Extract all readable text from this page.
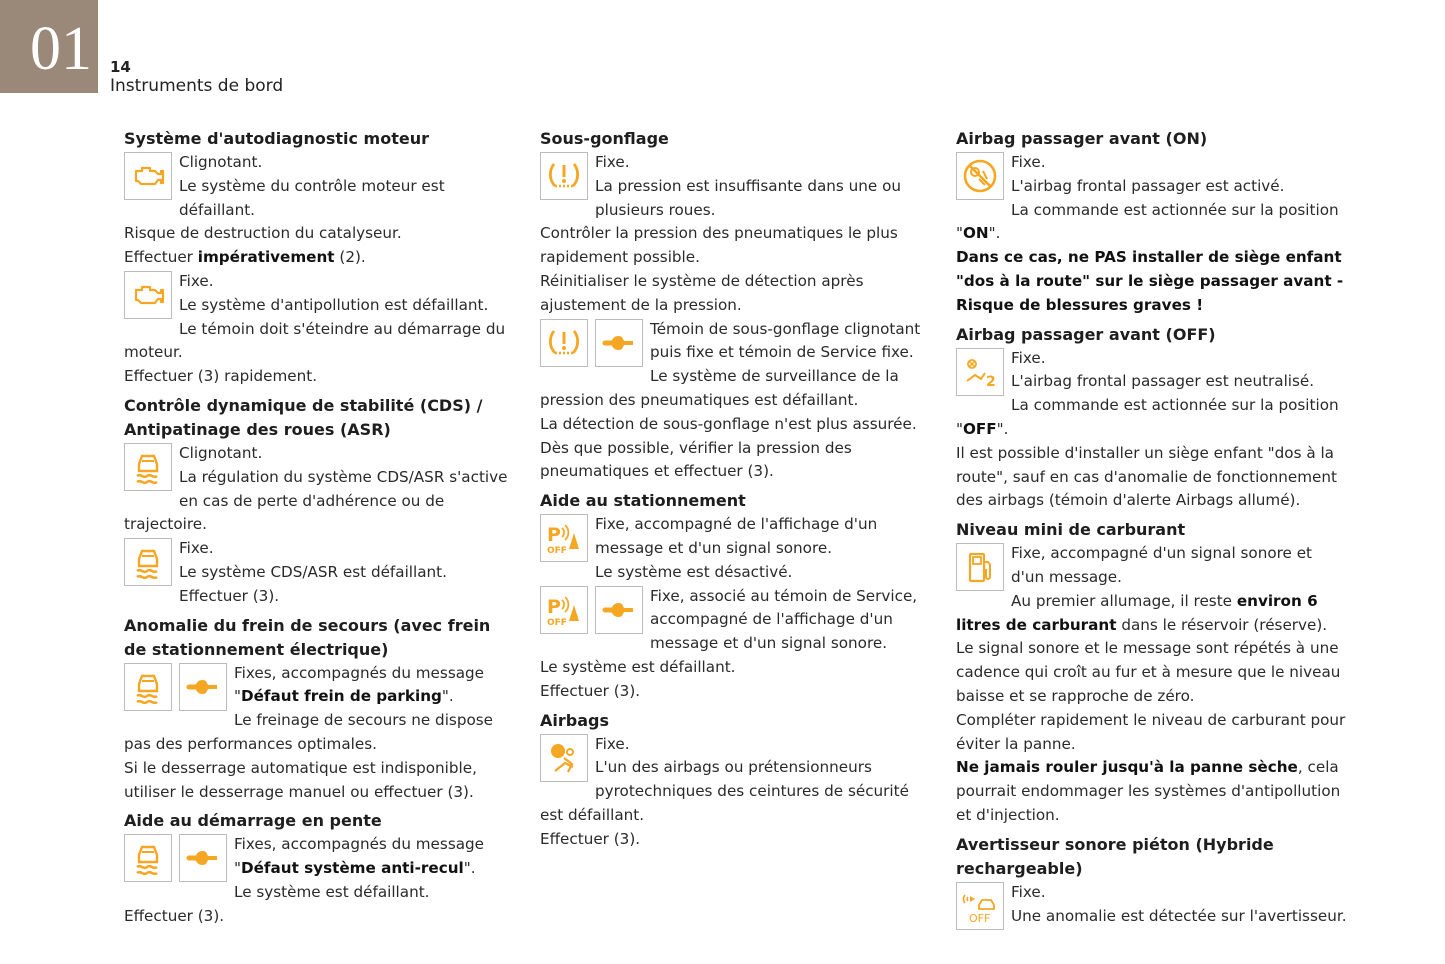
01	14
Instruments de bord
Système d'autodiagnostic moteur

Clignotant.

Le système du contrôle moteur est défaillant.

Risque de destruction du catalyseur.

Effectuer impérativement (2).

Fixe.

Le système d'antipollution est défaillant.

Le témoin doit s'éteindre au démarrage du moteur.

Effectuer (3) rapidement.

Contrôle dynamique de stabilité (CDS) / Antipatinage des roues (ASR)

Clignotant.

La régulation du système CDS/ASR s'active en cas de perte d'adhérence ou de trajectoire.

Fixe.

Le système CDS/ASR est défaillant.

Effectuer (3).

Anomalie du frein de secours (avec frein de stationnement électrique)

Fixes, accompagnés du message "Défaut frein de parking".

Le freinage de secours ne dispose pas des performances optimales.

Si le desserrage automatique est indisponible, utiliser le desserrage manuel ou effectuer (3).

Aide au démarrage en pente

Fixes, accompagnés du message "Défaut système anti-recul".

Le système est défaillant.

Effectuer (3).

Sous-gonflage

Fixe.

La pression est insuffisante dans une ou plusieurs roues.

Contrôler la pression des pneumatiques le plus rapidement possible.

Réinitialiser le système de détection après ajustement de la pression.

Témoin de sous-gonflage clignotant puis fixe et témoin de Service fixe.

Le système de surveillance de la pression des pneumatiques est défaillant.

La détection de sous-gonflage n'est plus assurée.

Dès que possible, vérifier la pression des pneumatiques et effectuer (3).

Aide au stationnement
P
OFF

Fixe, accompagné de l'affichage d'un message et d'un signal sonore.

Le système est désactivé.

P
OFF

Fixe, associé au témoin de Service, accompagné de l'affichage d'un message et d'un signal sonore.

Le système est défaillant.

Effectuer (3).

Airbags

Fixe.

L'un des airbags ou prétensionneurs pyrotechniques des ceintures de sécurité est défaillant.

Effectuer (3).

Airbag passager avant (ON)

Fixe.

L'airbag frontal passager est activé.

La commande est actionnée sur la position "ON".

Dans ce cas, ne PAS installer de siège enfant "dos à la route" sur le siège passager avant - Risque de blessures graves !

Airbag passager avant (OFF)
2

Fixe.

L'airbag frontal passager est neutralisé.

La commande est actionnée sur la position "OFF".

Il est possible d'installer un siège enfant "dos à la route", sauf en cas d'anomalie de fonctionnement des airbags (témoin d'alerte Airbags allumé).

Niveau mini de carburant

Fixe, accompagné d'un signal sonore et d'un message.

Au premier allumage, il reste environ 6 litres de carburant dans le réservoir (réserve).

Le signal sonore et le message sont répétés à une cadence qui croît au fur et à mesure que le niveau baisse et se rapproche de zéro.

Compléter rapidement le niveau de carburant pour éviter la panne.

Ne jamais rouler jusqu'à la panne sèche, cela pourrait endommager les systèmes d'antipollution et d'injection.

Avertisseur sonore piéton (Hybride rechargeable)
OFF

Fixe.

Une anomalie est détectée sur l'avertisseur.
